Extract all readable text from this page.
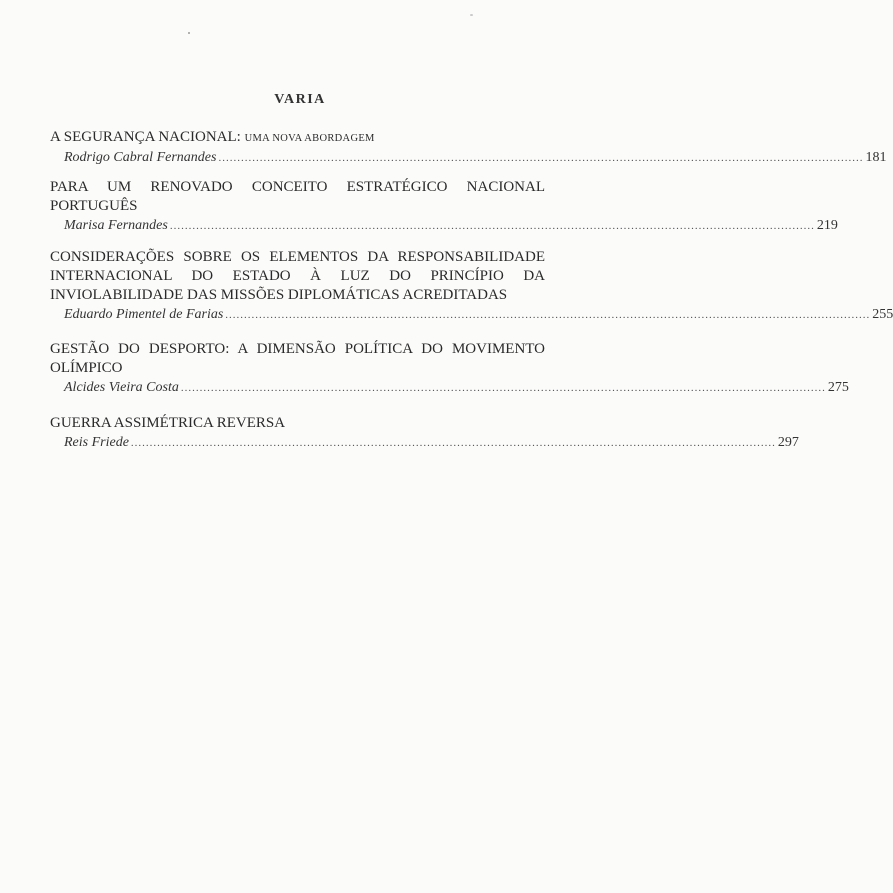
VARIA
A SEGURANÇA NACIONAL: UMA NOVA ABORDAGEM
Rodrigo Cabral Fernandes ............................................................................................................................................................................ 181
PARA UM RENOVADO CONCEITO ESTRATÉGICO NACIONAL
PORTUGUÊS
Marisa Fernandes ............................................................................................................................................................................ 219
CONSIDERAÇÕES SOBRE OS ELEMENTOS DA RESPONSABILIDADE
INTERNACIONAL DO ESTADO À LUZ DO PRINCÍPIO DA
INVIOLABILIDADE DAS MISSÕES DIPLOMÁTICAS ACREDITADAS
Eduardo Pimentel de Farias ............................................................................................................................................................................ 255
GESTÃO DO DESPORTO: A DIMENSÃO POLÍTICA DO MOVIMENTO
OLÍMPICO
Alcides Vieira Costa ............................................................................................................................................................................ 275
GUERRA ASSIMÉTRICA REVERSA
Reis Friede ............................................................................................................................................................................ 297
